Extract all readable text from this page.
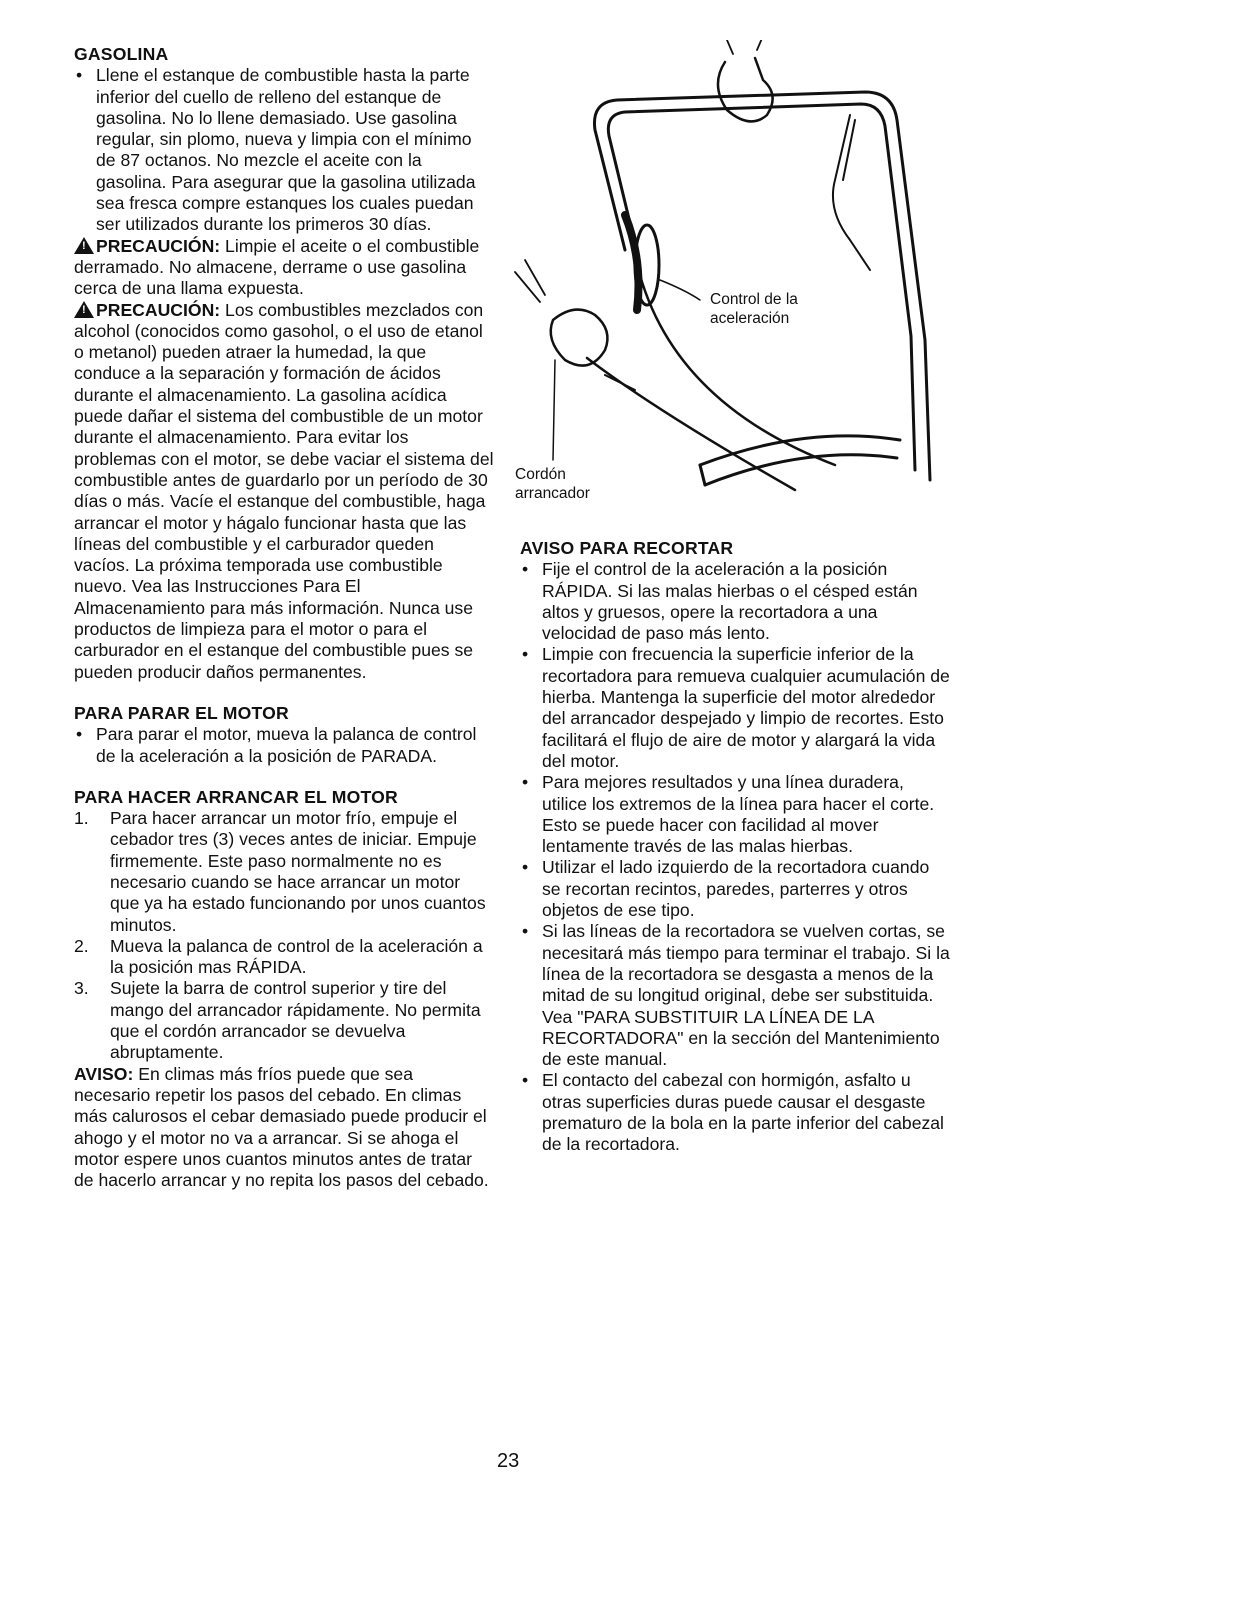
GASOLINA
• Llene el estanque de combustible hasta la parte inferior del cuello de relleno del estanque de gasolina. No lo llene demasiado. Use gasolina regular, sin plomo, nueva y limpia con el mínimo de 87 octanos. No mezcle el aceite con la gasolina. Para asegurar que la gasolina utilizada sea fresca compre estanques los cuales puedan ser utilizados durante los primeros 30 días.
!PRECAUCIÓN: Limpie el aceite o el combustible derramado. No almacene, derrame o use gasolina cerca de una llama expuesta.
!PRECAUCIÓN: Los combustibles mezclados con alcohol (conocidos como gasohol, o el uso de etanol o metanol) pueden atraer la humedad, la que conduce a la separación y formación de ácidos durante el almacenamiento. La gasolina acídica puede dañar el sistema del combustible de un motor durante el almacenamiento. Para evitar los problemas con el motor, se debe vaciar el sistema del combustible antes de guardarlo por un período de 30 días o más. Vacíe el estanque del combustible, haga arrancar el motor y hágalo funcionar hasta que las líneas del combustible y el carburador queden vacíos. La próxima temporada use combustible nuevo. Vea las Instrucciones Para El Almacenamiento para más información. Nunca use productos de limpieza para el motor o para el carburador en el estanque del combustible pues se pueden producir daños permanentes.
PARA PARAR EL MOTOR
• Para parar el motor, mueva la palanca de control de la aceleración a la posición de PARADA.
PARA HACER ARRANCAR EL MOTOR
1. Para hacer arrancar un motor frío, empuje el cebador tres (3) veces antes de iniciar. Empuje firmemente. Este paso normalmente no es necesario cuando se hace arrancar un motor que ya ha estado funcionando por unos cuantos minutos.
2. Mueva la palanca de control de la aceleración a la posición mas RÁPIDA.
3. Sujete la barra de control superior y tire del mango del arrancador rápidamente. No permita que el cordón arrancador se devuelva abruptamente.
AVISO: En climas más fríos puede que sea necesario repetir los pasos del cebado. En climas más calurosos el cebar demasiado puede producir el ahogo y el motor no va a arrancar. Si se ahoga el motor espere unos cuantos minutos antes de tratar de hacerlo arrancar y no repita los pasos del cebado.
Control de la
aceleración
Cordón
arrancador
AVISO PARA RECORTAR
• Fije el control de la aceleración a la posición RÁPIDA. Si las malas hierbas o el césped están altos y gruesos, opere la recortadora a una velocidad de paso más lento.
• Limpie con frecuencia la superficie inferior de la recortadora para remueva cualquier acumulación de hierba. Mantenga la superficie del motor alrededor del arrancador despejado y limpio de recortes. Esto facilitará el flujo de aire de motor y alargará la vida del motor.
• Para mejores resultados y una línea duradera, utilice los extremos de la línea para hacer el corte. Esto se puede hacer con facilidad al mover lentamente través de las malas hierbas.
• Utilizar el lado izquierdo de la recortadora cuando se recortan recintos, paredes, parterres y otros objetos de ese tipo.
• Si las líneas de la recortadora se vuelven cortas, se necesitará más tiempo para terminar el trabajo. Si la línea de la recortadora se desgasta a menos de la mitad de su longitud original, debe ser substituida. Vea "PARA SUBSTITUIR LA LÍNEA DE LA RECORTADORA" en la sección del Mantenimiento de este manual.
• El contacto del cabezal con hormigón, asfalto u otras superficies duras puede causar el desgaste prematuro de la bola en la parte inferior del cabezal de la recortadora.
23
